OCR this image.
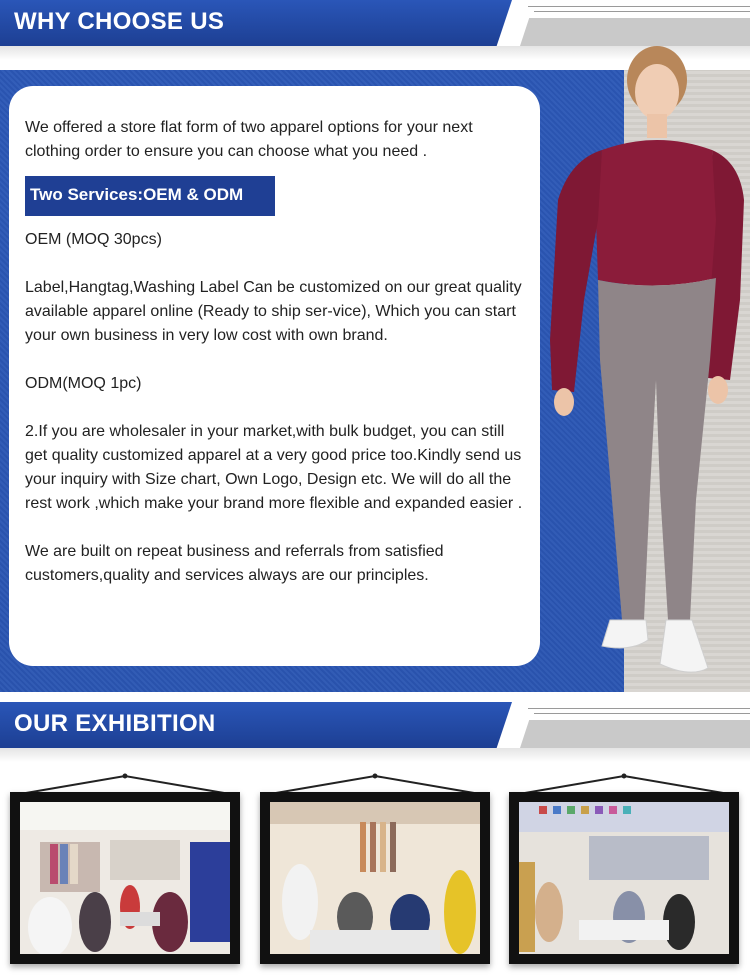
WHY CHOOSE US

We offered a store flat form of two apparel options for your next clothing order to ensure you can choose what you need .

Two Services:OEM & ODM

OEM (MOQ 30pcs)

Label,Hangtag,Washing Label Can be customized on our great quality available apparel online (Ready to ship ser-vice), Which you can start your own business in very low cost with own brand.

ODM(MOQ 1pc)

2.If you are wholesaler in your market,with bulk budget, you can still get quality customized apparel at a very good price too.Kindly send us your inquiry with Size chart, Own Logo, Design etc. We will do all the rest work ,which make your brand more flexible and expanded easier .

We are built on repeat business and referrals from satisfied customers,quality and services always are our principles.

OUR EXHIBITION
